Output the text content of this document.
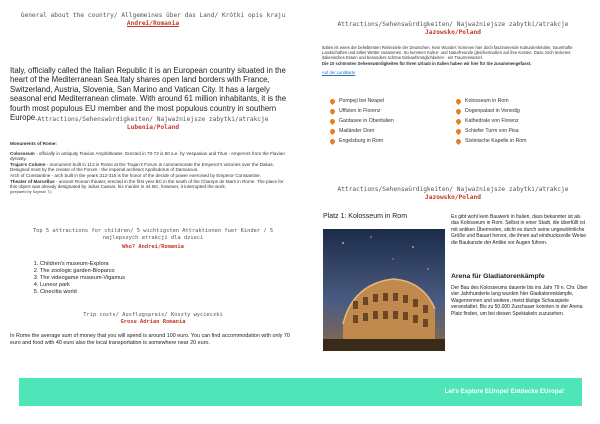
General about the country/ Allgemeines über das Land/ Krótki opis kraju
Andrei/Romania
Italy, officially called the Italian Republic it is an European country situated in the heart of the Mediterranean Sea.Italy shares open land borders with France, Switzerland, Austria, Slovenia, San Marino and Vatican City. It has a largely seasonal end Mediterranean climate. With around 61 million inhabitants, it is the fourth most populous EU member and the most populous country in southern Europe. Attractions/Sehenswürdigkeiten/ Najważniejsze zabytki/atrakcje
Lubenia/Poland
Monuments of Rome:
Colosseum - officially in antiquity Flavian Amphitheater. Erected in 70-72 is 80 a.e. by Vespasian and Titus - emperors from the Flavian dynasty.
Trajan's Column - monument built in 113 in Rome at the Trajan's Forum is commemorate the Emperor's victories over the Dakas. Designed most by the creator of the Forum - the imperial architect Apollodorus of Damascus.
Arch of Constantine - arch built in the years 312-315 is the honor of the decide of power exercised by Emperor Constantine.
Theater of Marcellus - ancient Roman theater, erected in the first year BC in the south of the Champs de Mars in Rome. The place for this object was already designated by Julius Caesar, his murder in 44 BC, however, it interrupted the work.
(prepared by Szymon T.)
Top 5 attractions for children/ 5 wichtigsten Attraktionen fuer Kinder / 5 najlepszych atrakcji dla dzieci
Who? Andrei/Romania
1. Children's museum-Explora
2. The zoologic garden-Bioparco
3. The videogame museum-Vigamus
4. Luneur park
5. Cinecitta world
Trip costs/ Ausflugspreis/ Koszty wycieczki
Grosu Adrian Romania
In Rome the average sum of money that you will spend is around 100 euro. You can find accommodation with only 70 euro and food with 40 euro also the local transportation is somewhere near 20 euro.
Attractions/Sehenswürdigkeiten/ Najważniejsze zabytki/atrakcje
Jazowsko/Poland
Italien ist eines der beliebtesten Reiseziele der Deutschen. Kein Wunder: kommen hier doch faszinierende Kulturdenkmäler, traumhafte Landschaften und tolles Wetter zusammen. So kommen Kultur- und Naturfreunde gleichermaßen auf ihre Kosten. Dazu noch leckeres italienisches Essen und besonders schöne Einkaufsmöglichkeiten - ein Traumreiseziel.
Die 10 schönsten Sehenswürdigkeiten für Ihren Urlaub in Italien haben wir hier für Sie zusammengefasst.
Auf der Landkarte
Pompeji bei Neapel
Uffizien in Florenz
Gardasee in Oberitalien
Mailänder Dom
Engelsburg in Rom
Kolosseum in Rom
Dogenpalast in Venedig
Kathedrale von Florenz
Schiefer Turm von Pisa
Sixtinische Kapelle in Rom
Attractions/Sehenswürdigkeiten/ Najważniejsze zabytki/atrakcje
Jazowsko/Poland
Platz 1: Kolosseum in Rom	Es gibt wohl kein Bauwerk in Italien, dass bekannter ist als das Kolosseum in Rom. Selbst in einer Stadt, die überfüllt ist mit antiken Überresten, sticht es durch seine ungewöhnliche Größe und Bauart hervor, die ihnen auf eindrucksvolle Weise die Baukunste der Antike vor Augen führen.
Arena für Gladiatorenkämpfe
Der Bau des Kolosseums dauerte bis ins Jahr 79 n. Chr. Über vier Jahrhunderte lang wurden hier Gladiatorenkämpfe, Wagenrennen und weitere, meist blutige Schauspiele veranstaltet. Bis zu 50.000 Zuschauer konnten in der Arena Platz finden, um bei diesen Spektakeln zuzusehen.
Let's Explore EUrope! Entdecke EUropa!
